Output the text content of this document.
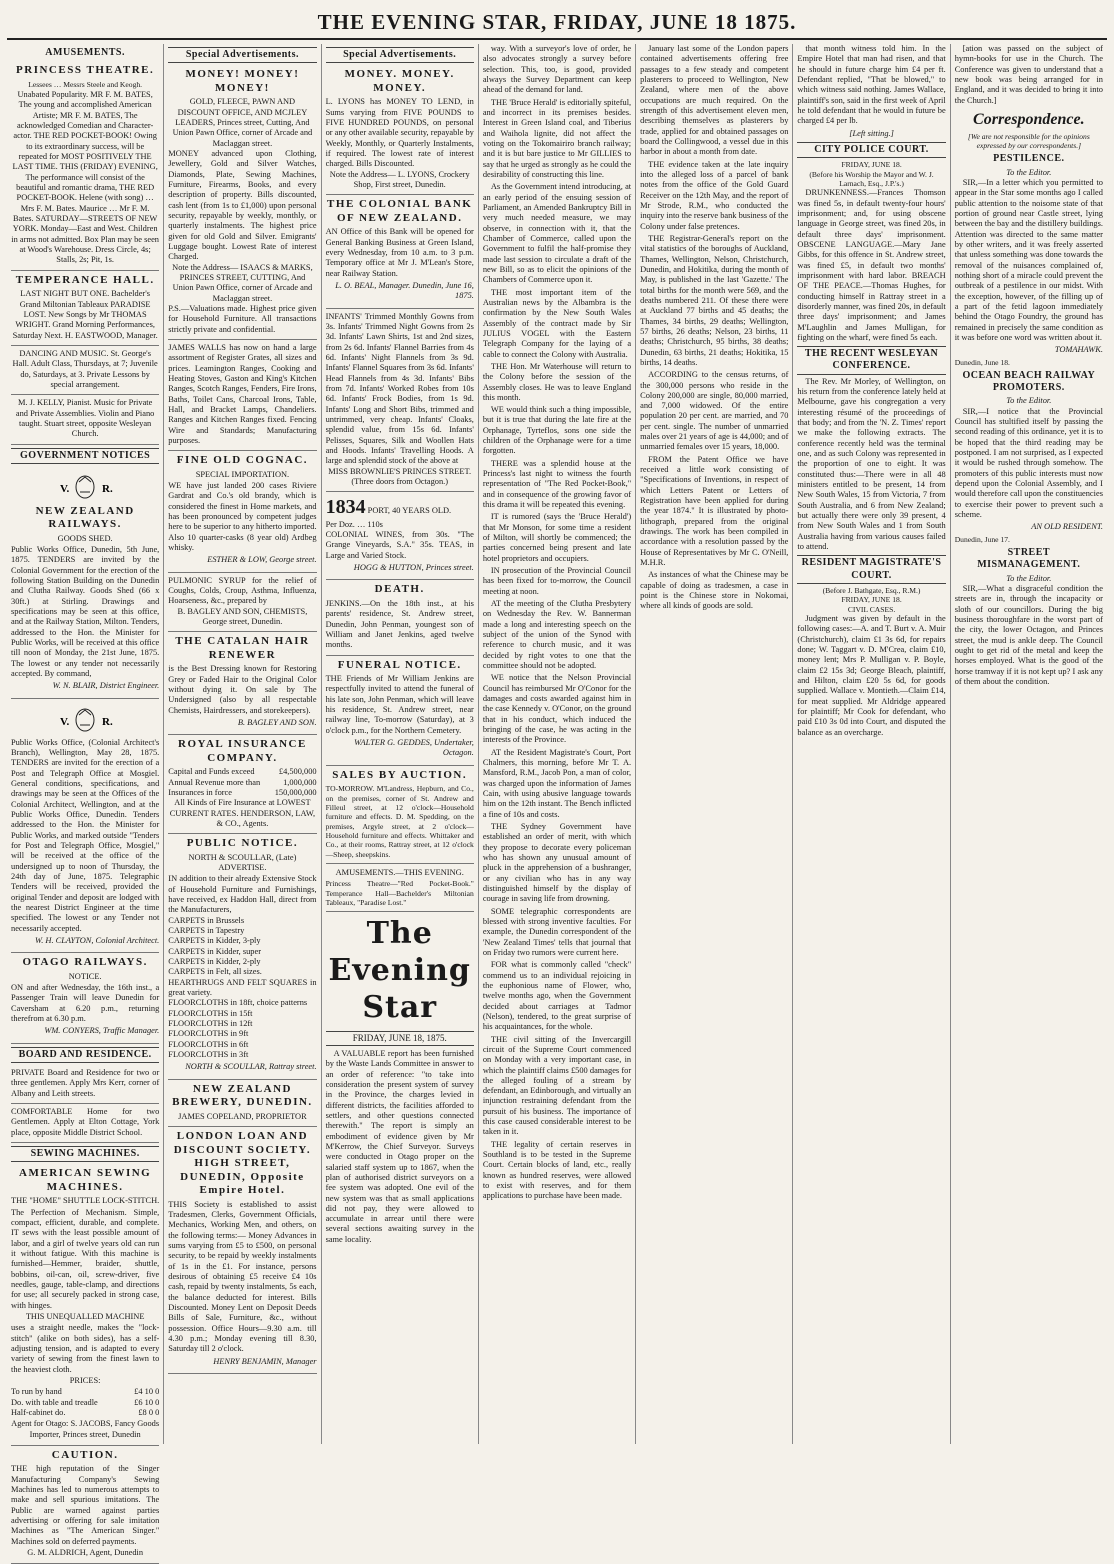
THE EVENING STAR, FRIDAY, JUNE 18 1875.
AMUSEMENTS.
PRINCESS THEATRE.
Lessees … Messrs Steele and Keogh.
Unabated Popularity. MR F. M. BATES, The young and accomplished American Artiste; MR F. M. BATES, The acknowledged Comedian and Character-actor. THE RED POCKET-BOOK! Owing to its extraordinary success, will be repeated for MOST POSITIVELY THE LAST TIME. THIS (FRIDAY) EVENING, The performance will consist of the beautiful and romantic drama, THE RED POCKET-BOOK. Helene (with song) … Mrs F. M. Bates. Maurice … Mr F. M. Bates. SATURDAY—STREETS OF NEW YORK. Monday—East and West. Children in arms not admitted. Box Plan may be seen at Wood's Warehouse. Dress Circle, 4s; Stalls, 2s; Pit, 1s.
TEMPERANCE HALL.
LAST NIGHT BUT ONE. Bachelder's Grand Miltonian Tableaux PARADISE LOST. New Songs by Mr THOMAS WRIGHT. Grand Morning Performances, Saturday Next. H. EASTWOOD, Manager.
DANCING AND MUSIC. St. George's Hall. Adult Class, Thursdays, at 7; Juvenile do, Saturdays, at 3. Private Lessons by special arrangement.
M. J. KELLY, Pianist. Music for Private and Private Assemblies. Violin and Piano taught. Stuart street, opposite Wesleyan Church.
GOVERNMENT NOTICES
V.	R.
NEW ZEALAND RAILWAYS.
GOODS SHED.
Public Works Office, Dunedin, 5th June, 1875. TENDERS are invited by the Colonial Government for the erection of the following Station Building on the Dunedin and Clutha Railway. Goods Shed (66 x 30ft.) at Stirling. Drawings and specifications may be seen at this office, and at the Railway Station, Milton. Tenders, addressed to the Hon. the Minister for Public Works, will be received at this office till noon of Monday, the 21st June, 1875. The lowest or any tender not necessarily accepted. By command,
W. N. BLAIR, District Engineer.
V.	R.
Public Works Office, (Colonial Architect's Branch), Wellington, May 28, 1875. TENDERS are invited for the erection of a Post and Telegraph Office at Mosgiel. General conditions, specifications, and drawings may be seen at the Offices of the Colonial Architect, Wellington, and at the Public Works Office, Dunedin. Tenders addressed to the Hon. the Minister for Public Works, and marked outside "Tenders for Post and Telegraph Office, Mosgiel," will be received at the office of the undersigned up to noon of Thursday, the 24th day of June, 1875. Telegraphic Tenders will be received, provided the original Tender and deposit are lodged with the nearest District Engineer at the time specified. The lowest or any Tender not necessarily accepted.
W. H. CLAYTON, Colonial Architect.
OTAGO RAILWAYS.
NOTICE.
ON and after Wednesday, the 16th inst., a Passenger Train will leave Dunedin for Caversham at 6.20 p.m., returning therefrom at 6.30 p.m.
WM. CONYERS, Traffic Manager.
BOARD AND RESIDENCE.
PRIVATE Board and Residence for two or three gentlemen. Apply Mrs Kerr, corner of Albany and Leith streets.
COMFORTABLE Home for two Gentlemen. Apply at Elton Cottage, York place, opposite Middle District School.
SEWING MACHINES.
AMERICAN SEWING MACHINES.
THE "HOME" SHUTTLE LOCK-STITCH.
The Perfection of Mechanism. Simple, compact, efficient, durable, and complete. IT sews with the least possible amount of labor, and a girl of twelve years old can run it without fatigue. With this machine is furnished—Hemmer, braider, shuttle, bobbins, oil-can, oil, screw-driver, five needles, gauge, table-clamp, and directions for use; all securely packed in strong case, with hinges.
THIS UNEQUALLED MACHINE
uses a straight needle, makes the "lock-stitch" (alike on both sides), has a self-adjusting tension, and is adapted to every variety of sewing from the finest lawn to the heaviest cloth.
PRICES:
To run by hand	£4 10 0
Do. with table and treadle	£6 10 0
Half-cabinet do.	£8 0 0
Agent for Otago: S. JACOBS, Fancy Goods Importer, Princes street, Dunedin
CAUTION.
THE high reputation of the Singer Manufacturing Company's Sewing Machines has led to numerous attempts to make and sell spurious imitations. The Public are warned against parties advertising or offering for sale imitation Machines as "The American Singer." Machines sold on deferred payments.
G. M. ALDRICH, Agent, Dunedin
Special Advertisements.
MONEY! MONEY! MONEY!
GOLD, FLEECE, PAWN AND DISCOUNT OFFICE, AND MCJLEY LEADERS, Princes street, Cutting, And Union Pawn Office, corner of Arcade and Maclaggan street.
MONEY advanced upon Clothing, Jewellery, Gold and Silver Watches, Diamonds, Plate, Sewing Machines, Furniture, Firearms, Books, and every description of property. Bills discounted, cash lent (from 1s to £1,000) upon personal security, repayable by weekly, monthly, or quarterly instalments. The highest price given for old Gold and Silver. Emigrants' Luggage bought. Lowest Rate of interest Charged.
Note the Address— ISAACS & MARKS, PRINCES STREET, CUTTING, And Union Pawn Office, corner of Arcade and Maclaggan street.
P.S.—Valuations made. Highest price given for Household Furniture. All transactions strictly private and confidential.
JAMES WALLS has now on hand a large assortment of Register Grates, all sizes and prices. Leamington Ranges, Cooking and Heating Stoves, Gaston and King's Kitchen Ranges, Scotch Ranges, Fenders, Fire Irons, Baths, Toilet Cans, Charcoal Irons, Table, Hall, and Bracket Lamps, Chandeliers. Ranges and Kitchen Ranges fixed. Fencing Wire and Standards; Manufacturing purposes.
FINE OLD COGNAC.
SPECIAL IMPORTATION.
WE have just landed 200 cases Riviere Gardrat and Co.'s old brandy, which is considered the finest in Home markets, and has been pronounced by competent judges here to be superior to any hitherto imported. Also 10 quarter-casks (8 year old) Ardbeg whisky.
ESTHER & LOW, George street.
PULMONIC SYRUP for the relief of Coughs, Colds, Croup, Asthma, Influenza, Hoarseness, &c., prepared by
B. BAGLEY AND SON, CHEMISTS, George street, Dunedin.
THE CATALAN HAIR RENEWER
is the Best Dressing known for Restoring Grey or Faded Hair to the Original Color without dying it. On sale by The Undersigned (also by all respectable Chemists, Hairdressers, and storekeepers).
B. BAGLEY AND SON.
ROYAL INSURANCE COMPANY.
Capital and Funds exceed	£4,500,000
Annual Revenue more than	1,000,000
Insurances in force	150,000,000
All Kinds of Fire Insurance at LOWEST CURRENT RATES. HENDERSON, LAW, & CO., Agents.
PUBLIC NOTICE.
NORTH & SCOULLAR, (Late) ADVERTISE.
IN addition to their already Extensive Stock of Household Furniture and Furnishings, have received, ex Haddon Hall, direct from the Manufacturers,
CARPETS in Brussels
CARPETS in Tapestry
CARPETS in Kidder, 3-ply
CARPETS in Kidder, super
CARPETS in Kidder, 2-ply
CARPETS in Felt, all sizes.
HEARTHRUGS AND FELT SQUARES in great variety.
FLOORCLOTHS in 18ft, choice patterns
FLOORCLOTHS in 15ft
FLOORCLOTHS in 12ft
FLOORCLOTHS in 9ft
FLOORCLOTHS in 6ft
FLOORCLOTHS in 3ft
NORTH & SCOULLAR, Rattray street.
NEW ZEALAND BREWERY, DUNEDIN.
JAMES COPELAND, PROPRIETOR
LONDON LOAN AND DISCOUNT SOCIETY. HIGH STREET, DUNEDIN, Opposite Empire Hotel.
THIS Society is established to assist Tradesmen, Clerks, Government Officials, Mechanics, Working Men, and others, on the following terms:— Money Advances in sums varying from £5 to £500, on personal security, to be repaid by weekly instalments of 1s in the £1. For instance, persons desirous of obtaining £5 receive £4 10s cash, repaid by twenty instalments, 5s each, the balance deducted for interest. Bills Discounted. Money Lent on Deposit Deeds Bills of Sale, Furniture, &c., without possession. Office Hours—9.30 a.m. till 4.30 p.m.; Monday evening till 8.30, Saturday till 2 o'clock.
HENRY BENJAMIN, Manager
Special Advertisements.
MONEY. MONEY. MONEY.
L. LYONS has MONEY TO LEND, in Sums varying from FIVE POUNDS to FIVE HUNDRED POUNDS, on personal or any other available security, repayable by Weekly, Monthly, or Quarterly Instalments, if required. The lowest rate of interest charged. Bills Discounted.
Note the Address— L. LYONS, Crockery Shop, First street, Dunedin.
THE COLONIAL BANK OF NEW ZEALAND.
AN Office of this Bank will be opened for General Banking Business at Green Island, every Wednesday, from 10 a.m. to 3 p.m. Temporary office at Mr J. M'Lean's Store, near Railway Station.
L. O. BEAL, Manager. Dunedin, June 16, 1875.
INFANTS' Trimmed Monthly Gowns from 3s. Infants' Trimmed Night Gowns from 2s 3d. Infants' Lawn Shirts, 1st and 2nd sizes, from 2s 6d. Infants' Flannel Barries from 4s 6d. Infants' Night Flannels from 3s 9d. Infants' Flannel Squares from 3s 6d. Infants' Head Flannels from 4s 3d. Infants' Bibs from 7d. Infants' Worked Robes from 10s 6d. Infants' Frock Bodies, from 1s 9d. Infants' Long and Short Bibs, trimmed and untrimmed, very cheap. Infants' Cloaks, splendid value, from 15s 6d. Infants' Pelisses, Squares, Silk and Woollen Hats and Hoods. Infants' Travelling Hoods. A large and splendid stock of the above at
MISS BROWNLIE'S PRINCES STREET. (Three doors from Octagon.)
1834 PORT, 40 YEARS OLD.
Per Doz. … 110s
COLONIAL WINES, from 30s. "The Grange Vineyards, S.A." 35s. TEAS, in Large and Varied Stock.
HOGG & HUTTON, Princes street.
DEATH.
JENKINS.—On the 18th inst., at his parents' residence, St. Andrew street, Dunedin, John Penman, youngest son of William and Janet Jenkins, aged twelve months.
FUNERAL NOTICE.
THE Friends of Mr William Jenkins are respectfully invited to attend the funeral of his late son, John Penman, which will leave his residence, St. Andrew street, near railway line, To-morrow (Saturday), at 3 o'clock p.m., for the Northern Cemetery.
WALTER G. GEDDES, Undertaker, Octagon.
SALES BY AUCTION.
TO-MORROW. M'Landress, Hepburn, and Co., on the premises, corner of St. Andrew and Filleul street, at 12 o'clock—Household furniture and effects. D. M. Spedding, on the premises, Argyle street, at 2 o'clock—Household furniture and effects. Whittaker and Co., at their rooms, Rattray street, at 12 o'clock—Sheep, sheepskins.
AMUSEMENTS.—THIS EVENING.
Princess Theatre—"Red Pocket-Book." Temperance Hall—Bachelder's Miltonian Tableaux, "Paradise Lost."
The Evening Star
FRIDAY, JUNE 18, 1875.
A VALUABLE report has been furnished by the Waste Lands Committee in answer to an order of reference: "to take into consideration the present system of survey in the Province, the charges levied in different districts, the facilities afforded to settlers, and other questions connected therewith." The report is simply an embodiment of evidence given by Mr M'Kerrow, the Chief Surveyor. Surveys were conducted in Otago proper on the salaried staff system up to 1867, when the plan of authorised district surveyors on a fee system was adopted. One evil of the new system was that as small applications did not pay, they were allowed to accumulate in arrear until there were several sections awaiting survey in the same locality.
way. With a surveyor's love of order, he also advocates strongly a survey before selection. This, too, is good, provided always the Survey Department can keep ahead of the demand for land.
THE 'Bruce Herald' is editorially spiteful, and incorrect in its premises besides. Interest in Green Island coal, and Tiberius and Waihola lignite, did not affect the voting on the Tokomairiro branch railway; and it is but bare justice to Mr GILLIES to say that he urged as strongly as he could the desirability of constructing this line.
As the Government intend introducing, at an early period of the ensuing session of Parliament, an Amended Bankruptcy Bill in very much needed measure, we may observe, in connection with it, that the Chamber of Commerce, called upon the Government to fulfil the half-promise they made last session to circulate a draft of the new Bill, so as to elicit the opinions of the Chambers of Commerce upon it.
THE most important item of the Australian news by the Albambra is the confirmation by the New South Wales Assembly of the contract made by Sir JULIUS VOGEL with the Eastern Telegraph Company for the laying of a cable to connect the Colony with Australia.
THE Hon. Mr Waterhouse will return to the Colony before the session of the Assembly closes. He was to leave England this month.
WE would think such a thing impossible, but it is true that during the late fire at the Orphanage, Tyrteflos, sons one side the children of the Orphanage were for a time forgotten.
THERE was a splendid house at the Princess's last night to witness the fourth representation of "The Red Pocket-Book," and in consequence of the growing favor of this drama it will be repeated this evening.
IT is rumored (says the 'Bruce Herald') that Mr Monson, for some time a resident of Milton, will shortly be commenced; the parties concerned being present and late hotel proprietors and occupiers.
IN prosecution of the Provincial Council has been fixed for to-morrow, the Council meeting at noon.
AT the meeting of the Clutha Presbytery on Wednesday the Rev. W. Bannerman made a long and interesting speech on the subject of the union of the Synod with reference to church music, and it was decided by right votes to one that the committee should not be adopted.
WE notice that the Nelson Provincial Council has reimbursed Mr O'Conor for the damages and costs awarded against him in the case Kennedy v. O'Conor, on the ground that in his conduct, which induced the bringing of the case, he was acting in the interests of the Province.
AT the Resident Magistrate's Court, Port Chalmers, this morning, before Mr T. A. Mansford, R.M., Jacob Pon, a man of color, was charged upon the information of James Cain, with using abusive language towards him on the 12th instant. The Bench inflicted a fine of 10s and costs.
THE Sydney Government have established an order of merit, with which they propose to decorate every policeman who has shown any unusual amount of pluck in the apprehension of a bushranger, or any civilian who has in any way distinguished himself by the display of courage in saving life from drowning.
SOME telegraphic correspondents are blessed with strong inventive faculties. For example, the Dunedin correspondent of the 'New Zealand Times' tells that journal that on Friday two rumors were current here.
FOR what is commonly called "check" commend us to an individual rejoicing in the euphonious name of Flower, who, twelve months ago, when the Government decided about carriages at Tadmor (Nelson), tendered, to the great surprise of his acquaintances, for the whole.
THE civil sitting of the Invercargill circuit of the Supreme Court commenced on Monday with a very important case, in which the plaintiff claims £500 damages for the alleged fouling of a stream by defendant, an Edinborough, and virtually an injunction restraining defendant from the pursuit of his business. The importance of this case caused considerable interest to be taken in it.
THE legality of certain reserves in Southland is to be tested in the Supreme Court. Certain blocks of land, etc., really known as hundred reserves, were allowed to exist with reserves, and for them applications to purchase have been made.
January last some of the London papers contained advertisements offering free passages to a few steady and competent plasterers to proceed to Wellington, New Zealand, where men of the above occupations are much required. On the strength of this advertisement eleven men, describing themselves as plasterers by trade, applied for and obtained passages on board the Collingwood, a vessel due in this harbor in about a month from date.
THE evidence taken at the late inquiry into the alleged loss of a parcel of bank notes from the office of the Gold Guard Receiver on the 12th May, and the report of Mr Strode, R.M., who conducted the inquiry into the reserve bank business of the Colony under false pretences.
THE Registrar-General's report on the vital statistics of the boroughs of Auckland, Thames, Wellington, Nelson, Christchurch, Dunedin, and Hokitika, during the month of May, is published in the last 'Gazette.' The total births for the month were 569, and the deaths numbered 211. Of these there were at Auckland 77 births and 45 deaths; the Thames, 34 births, 29 deaths; Wellington, 57 births, 26 deaths; Nelson, 23 births, 11 deaths; Christchurch, 95 births, 38 deaths; Dunedin, 63 births, 21 deaths; Hokitika, 15 births, 14 deaths.
ACCORDING to the census returns, of the 300,000 persons who reside in the Colony 200,000 are single, 80,000 married, and 7,000 widowed. Of the entire population 20 per cent. are married, and 70 per cent. single. The number of unmarried males over 21 years of age is 44,000; and of unmarried females over 15 years, 18,000.
FROM the Patent Office we have received a little work consisting of "Specifications of Inventions, in respect of which Letters Patent or Letters of Registration have been applied for during the year 1874." It is illustrated by photo-lithograph, prepared from the original drawings. The work has been compiled in accordance with a resolution passed by the House of Representatives by Mr C. O'Neill, M.H.R.
As instances of what the Chinese may be capable of doing as tradesmen, a case in point is the Chinese store in Nokomai, where all kinds of goods are sold.
that month witness told him. In the Empire Hotel that man had risen, and that he should in future charge him £4 per ft. Defendant replied, "That be blowed," to which witness said nothing. James Wallace, plaintiff's son, said in the first week of April he told defendant that he would in future be charged £4 per lb.
[Left sitting.]
CITY POLICE COURT.
FRIDAY, JUNE 18.
(Before his Worship the Mayor and W. J. Larnach, Esq., J.P.'s.)
DRUNKENNESS.—Frances Thomson was fined 5s, in default twenty-four hours' imprisonment; and, for using obscene language in George street, was fined 20s, in default three days' imprisonment. OBSCENE LANGUAGE.—Mary Jane Gibbs, for this offence in St. Andrew street, was fined £5, in default two months' imprisonment with hard labor. BREACH OF THE PEACE.—Thomas Hughes, for conducting himself in Rattray street in a disorderly manner, was fined 20s, in default three days' imprisonment; and James M'Laughlin and James Mulligan, for fighting on the wharf, were fined 5s each.
THE RECENT WESLEYAN CONFERENCE.
The Rev. Mr Morley, of Wellington, on his return from the conference lately held at Melbourne, gave his congregation a very interesting résumé of the proceedings of that body; and from the 'N. Z. Times' report we make the following extracts. The conference recently held was the terminal one, and as such Colony was represented in the proportion of one to eight. It was constituted thus:—There were in all 48 ministers entitled to be present, 14 from New South Wales, 15 from Victoria, 7 from South Australia, and 6 from New Zealand; but actually there were only 39 present, 4 from New South Wales and 1 from South Australia having from various causes failed to attend.
RESIDENT MAGISTRATE'S COURT.
(Before J. Bathgate, Esq., R.M.)
FRIDAY, JUNE 18.
CIVIL CASES.
Judgment was given by default in the following cases:—A. and T. Burt v. A. Muir (Christchurch), claim £1 3s 6d, for repairs done; W. Taggart v. D. M'Crea, claim £10, money lent; Mrs P. Mulligan v. P. Boyle, claim £2 15s 3d; George Bleach, plaintiff, and Hilton, claim £20 5s 6d, for goods supplied. Wallace v. Montieth.—Claim £14, for meat supplied. Mr Aldridge appeared for plaintiff; Mr Cook for defendant, who paid £10 3s 0d into Court, and disputed the balance as an overcharge.
[ation was passed on the subject of hymn-books for use in the Church. The Conference was given to understand that a new book was being arranged for in England, and it was decided to bring it into the Church.]
Correspondence.
[We are not responsible for the opinions expressed by our correspondents.]
PESTILENCE.
To the Editor.
SIR,—In a letter which you permitted to appear in the Star some months ago I called public attention to the noisome state of that portion of ground near Castle street, lying between the bay and the distillery buildings. Attention was directed to the same matter by other writers, and it was freely asserted that unless something was done towards the removal of the nuisances complained of, nothing short of a miracle could prevent the outbreak of a pestilence in our midst. With the exception, however, of the filling up of a part of the fetid lagoon immediately behind the Otago Foundry, the ground has remained in precisely the same condition as it was before one word was written about it.
TOMAHAWK.
Dunedin, June 18.
OCEAN BEACH RAILWAY PROMOTERS.
To the Editor.
SIR,—I notice that the Provincial Council has stultified itself by passing the second reading of this ordinance, yet it is to be hoped that the third reading may be postponed. I am not surprised, as I expected it would be rushed through somehow. The promoters of this public interests must now depend upon the Colonial Assembly, and I would therefore call upon the constituencies to exercise their power to prevent such a scheme.
AN OLD RESIDENT.
Dunedin, June 17.
STREET MISMANAGEMENT.
To the Editor.
SIR,—What a disgraceful condition the streets are in, through the incapacity or sloth of our councillors. During the big business thoroughfare in the worst part of the city, the lower Octagon, and Princes street, the mud is ankle deep. The Council ought to get rid of the metal and keep the horses employed. What is the good of the horse tramway if it is not kept up? I ask any of them about the condition.
